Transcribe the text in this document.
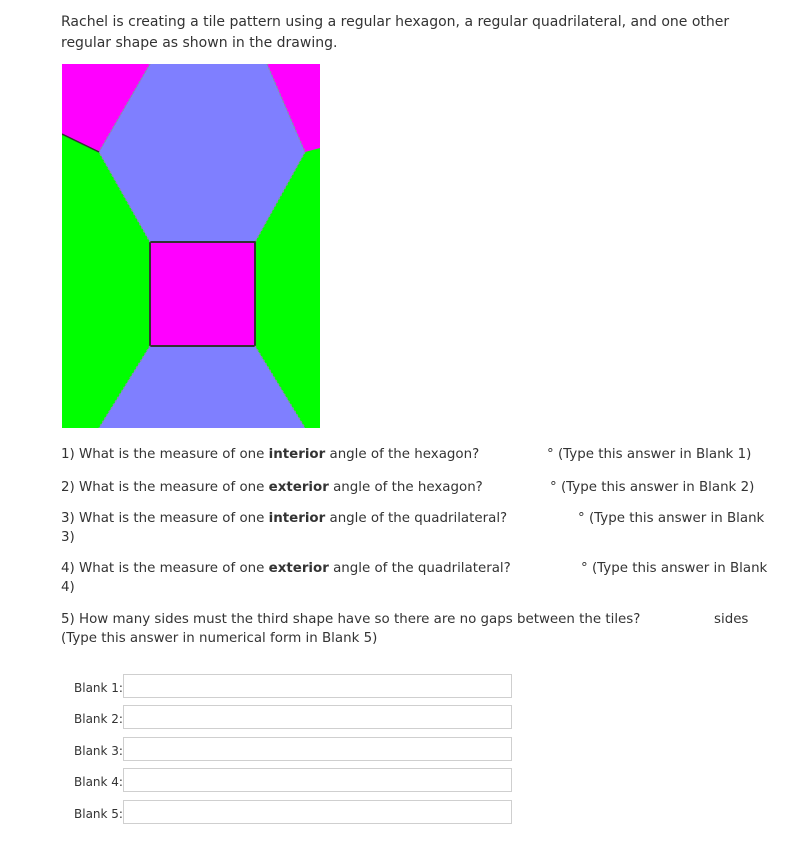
Rachel is creating a tile pattern using a regular hexagon, a regular quadrilateral, and one other regular shape as shown in the drawing.
1) What is the measure of one interior angle of the hexagon?	° (Type this answer in Blank 1)
2) What is the measure of one exterior angle of the hexagon?	° (Type this answer in Blank 2)
3) What is the measure of one interior angle of the quadrilateral?	° (Type this answer in Blank
3)
4) What is the measure of one exterior angle of the quadrilateral?	° (Type this answer in Blank
4)
5) How many sides must the third shape have so there are no gaps between the tiles?	sides
(Type this answer in numerical form in Blank 5)
Blank 1:
Blank 2:
Blank 3:
Blank 4:
Blank 5:
